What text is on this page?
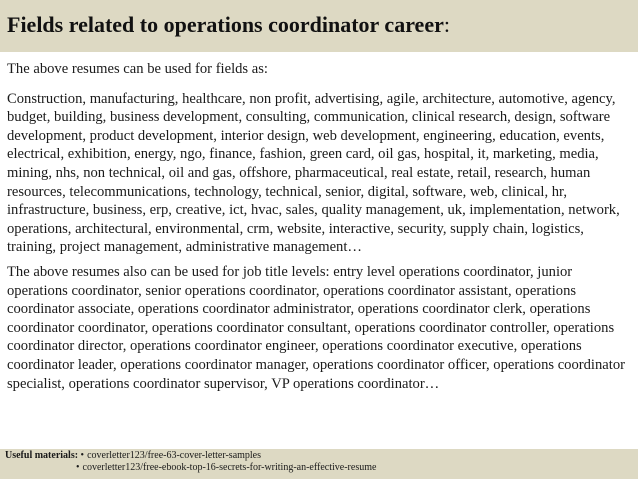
Fields related to operations coordinator career:

The above resumes can be used for fields as:

Construction, manufacturing, healthcare, non profit, advertising, agile, architecture, automotive, agency, budget, building, business development, consulting, communication, clinical research, design, software development, product development, interior design, web development, engineering, education, events, electrical, exhibition, energy, ngo, finance, fashion, green card, oil gas, hospital, it, marketing, media, mining, nhs, non technical, oil and gas, offshore, pharmaceutical, real estate, retail, research, human resources, telecommunications, technology, technical, senior, digital, software, web, clinical, hr, infrastructure, business, erp, creative, ict, hvac, sales, quality management, uk, implementation, network, operations, architectural, environmental, crm, website, interactive, security, supply chain, logistics, training, project management, administrative management…

The above resumes also can be used for job title levels: entry level operations coordinator, junior operations coordinator, senior operations coordinator, operations coordinator assistant, operations coordinator associate, operations coordinator administrator, operations coordinator clerk, operations coordinator coordinator, operations coordinator consultant, operations coordinator controller, operations coordinator director, operations coordinator engineer, operations coordinator executive, operations coordinator leader, operations coordinator manager, operations coordinator officer, operations coordinator specialist, operations coordinator supervisor, VP operations coordinator…

Useful materials: • coverletter123/free-63-cover-letter-samples
• coverletter123/free-ebook-top-16-secrets-for-writing-an-effective-resume
